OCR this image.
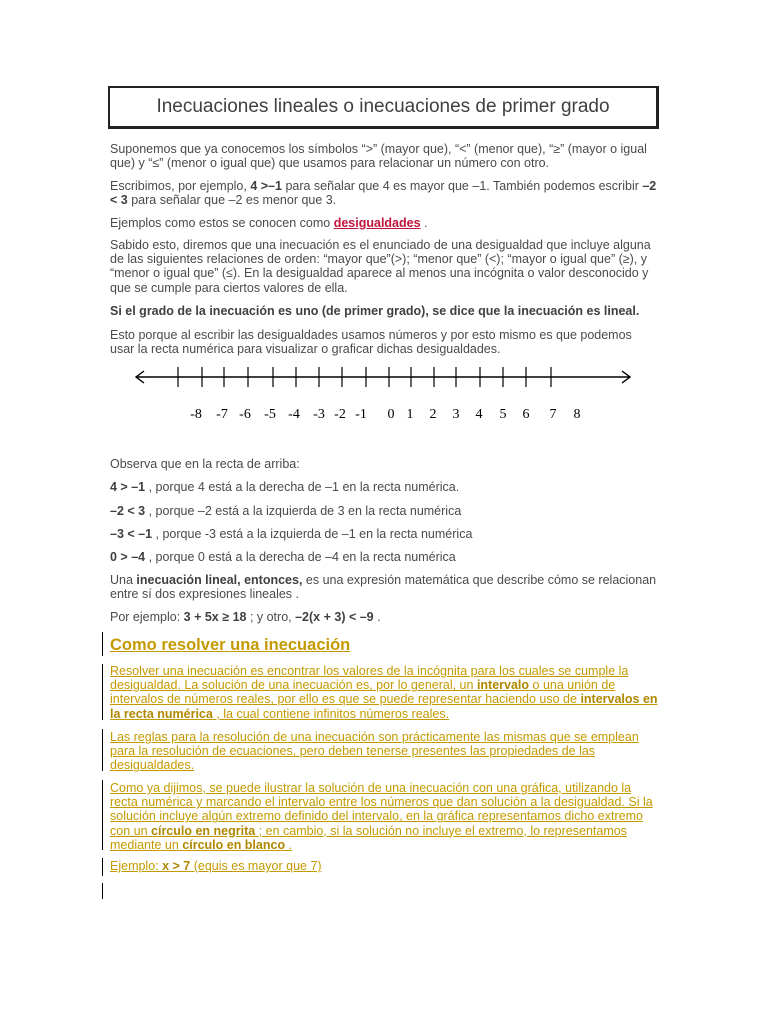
Inecuaciones lineales o inecuaciones de primer grado

Suponemos que ya conocemos los símbolos “>” (mayor que), “<” (menor que), “≥” (mayor o igual que) y “≤” (menor o igual que) que usamos para relacionar un número con otro.

Escribimos, por ejemplo, 4 >–1 para señalar que 4 es mayor que –1. También podemos escribir –2 < 3 para señalar que –2 es menor que 3.

Ejemplos como estos se conocen como desigualdades .

Sabido esto, diremos que una inecuación es el enunciado de una desigualdad que incluye alguna de las siguientes relaciones de orden: “mayor que”(>); “menor que” (<); “mayor o igual que” (≥), y “menor o igual que” (≤). En la desigualdad aparece al menos una incógnita o valor desconocido y que se cumple para ciertos valores de ella.

Si el grado de la inecuación es uno (de primer grado), se dice que la inecuación es lineal.

Esto porque al escribir las desigualdades usamos números y por esto mismo es que podemos usar la recta numérica para visualizar o graficar dichas desigualdades.

-8 -7 -6 -5 -4 -3 -2 -1 0 1 2 3 4 5 6 7 8

Observa que en la recta de arriba:

4 > –1 , porque 4 está a la derecha de –1 en la recta numérica.

–2 < 3 , porque –2 está a la izquierda de 3 en la recta numérica

–3 < –1 , porque -3 está a la izquierda de –1 en la recta numérica

0 > –4 , porque 0 está a la derecha de –4 en la recta numérica

Una inecuación lineal, entonces, es una expresión matemática que describe cómo se relacionan entre sí dos expresiones lineales .

Por ejemplo: 3 + 5x ≥ 18 ; y otro, –2(x + 3) < –9 .

Como resolver una inecuación

Resolver una inecuación es encontrar los valores de la incógnita para los cuales se cumple la desigualdad. La solución de una inecuación es, por lo general, un intervalo o una unión de intervalos de números reales, por ello es que se puede representar haciendo uso de intervalos en la recta numérica , la cual contiene infinitos números reales.

Las reglas para la resolución de una inecuación son prácticamente las mismas que se emplean para la resolución de ecuaciones, pero deben tenerse presentes las propiedades de las desigualdades.

Como ya dijimos, se puede ilustrar la solución de una inecuación con una gráfica, utilizando la recta numérica y marcando el intervalo entre los números que dan solución a la desigualdad. Si la solución incluye algún extremo definido del intervalo, en la gráfica representamos dicho extremo con un círculo en negrita ; en cambio, si la solución no incluye el extremo, lo representamos mediante un círculo en blanco .

Ejemplo: x > 7 (equis es mayor que 7)
